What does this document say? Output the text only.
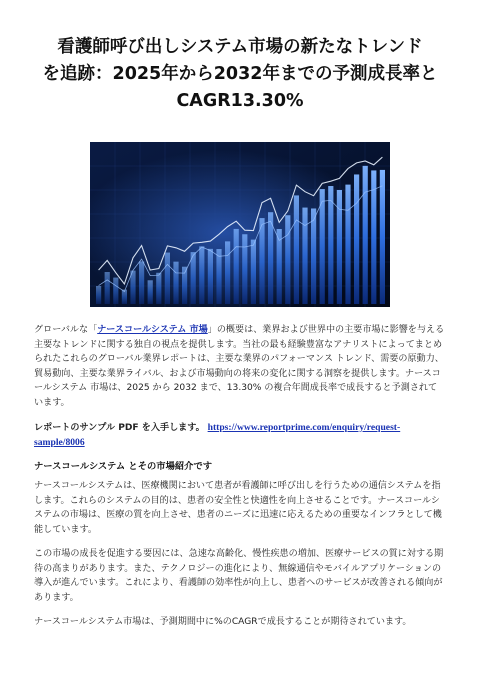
看護師呼び出しシステム市場の新たなトレンド
を追跡：2025年から2032年までの予測成長率と
CAGR13.30%

グローバルな「ナースコールシステム 市場」の概要は、業界および世界中の主要市場に影響を与える主要なトレンドに関する独自の視点を提供します。当社の最も経験豊富なアナリストによってまとめられたこれらのグローバル業界レポートは、主要な業界のパフォーマンス トレンド、需要の原動力、貿易動向、主要な業界ライバル、および市場動向の将来の変化に関する洞察を提供します。ナースコールシステム 市場は、2025 から 2032 まで、13.30% の複合年間成長率で成長すると予測されています。

レポートのサンプル PDF を入手します。 https://www.reportprime.com/enquiry/request-sample/8006

ナースコールシステム とその市場紹介です

ナースコールシステムは、医療機関において患者が看護師に呼び出しを行うための通信システムを指します。これらのシステムの目的は、患者の安全性と快適性を向上させることです。ナースコールシステムの市場は、医療の質を向上させ、患者のニーズに迅速に応えるための重要なインフラとして機能しています。

この市場の成長を促進する要因には、急速な高齢化、慢性疾患の増加、医療サービスの質に対する期待の高まりがあります。また、テクノロジーの進化により、無線通信やモバイルアプリケーションの導入が進んでいます。これにより、看護師の効率性が向上し、患者へのサービスが改善される傾向があります。

ナースコールシステム市場は、予測期間中に%のCAGRで成長することが期待されています。
